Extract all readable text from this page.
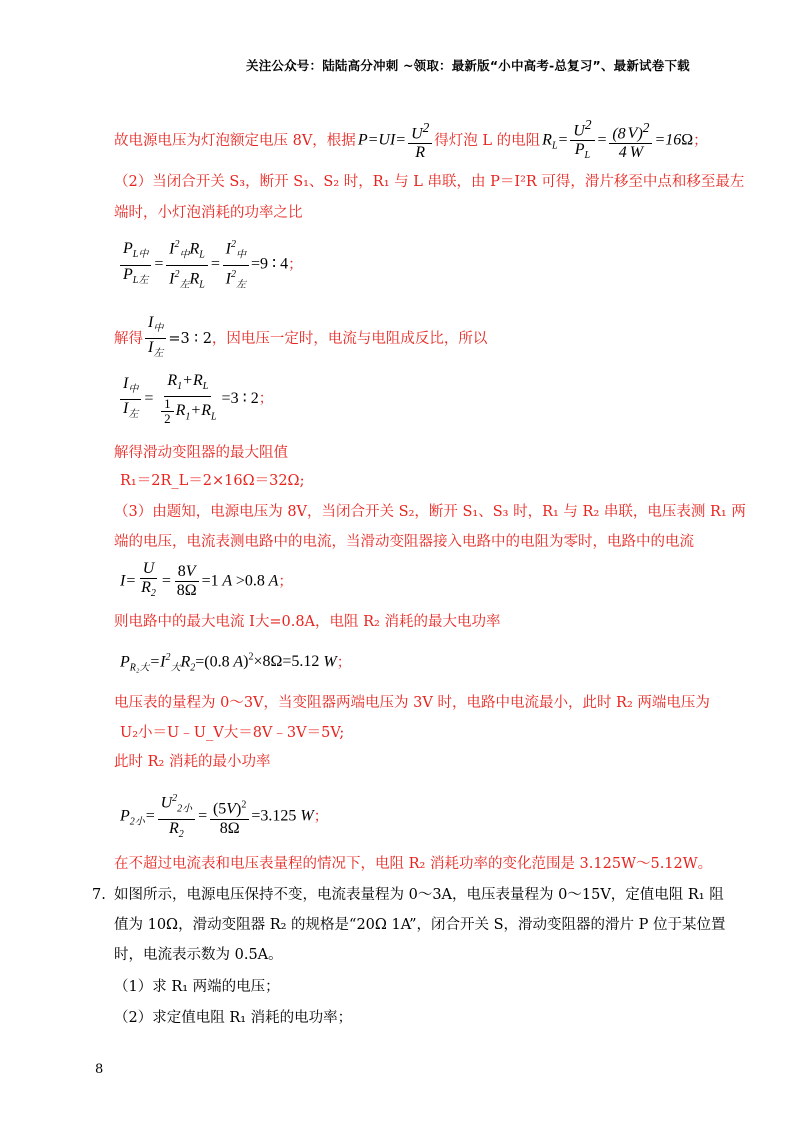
关注公众号：陆陆高分冲刺 ~领取：最新版“小中高考-总复习”、最新试卷下载
故电源电压为灯泡额定电压 8V，根据 $P=UI= \frac{U^2}{R}$ 得灯泡 L 的电阻 $R_L= \frac{U^2}{P_L} = \frac{(8 V)^2}{4 W} =16\Omega$ ；
（2）当闭合开关 S₃，断开 S₁、S₂ 时，R₁ 与 L 串联，由 P＝I²R 可得，滑片移至中点和移至最左
端时，小灯泡消耗的功率之比
$\frac{P_{L中}}{P_{L左}} = \frac{I^2_中R_L}{I^2_左R_L} = \frac{I^2_中}{I^2_左} =9$ ∶ 4 ；
解得 $\frac{I_中}{I_左} =3$ ∶ 2 ，因电压一定时，电流与电阻成反比，所以
$\frac{I_中}{I_左} = \frac{R_1+R_L}{\frac{1}{2} R_1+R_L} =3$ ∶ 2 ；
解得滑动变阻器的最大阻值
R₁＝2R_L＝2×16Ω＝32Ω;
（3）由题知，电源电压为 8V，当闭合开关 S₂，断开 S₁、S₃ 时，R₁ 与 R₂ 串联，电压表测 R₁ 两
端的电压，电流表测电路中的电流，当滑动变阻器接入电路中的电阻为零时，电路中的电流
$I= \frac{U}{R_2} = \frac{8V}{8\Omega} =1$ A >0.8 A ；
则电路中的最大电流 I大=0.8A，电阻 R₂ 消耗的最大电功率
$P_{R_2大}=I^2_大R_2=(0.8$ A)$^2$×8Ω=5.12 W ；
电压表的量程为 0～3V，当变阻器两端电压为 3V 时，电路中电流最小，此时 R₂ 两端电压为
U₂小＝U﹣U_V大＝8V﹣3V＝5V;
此时 R₂ 消耗的最小功率
$P_{2小}= \frac{U^2_{2小}}{R_2} = \frac{(5V)^2}{8\Omega} =3.125$ W ；
在不超过电流表和电压表量程的情况下，电阻 R₂ 消耗功率的变化范围是 3.125W～5.12W。
7. 如图所示，电源电压保持不变，电流表量程为 0～3A，电压表量程为 0～15V，定值电阻 R₁ 阻
值为 10Ω，滑动变阻器 R₂ 的规格是“20Ω 1A”，闭合开关 S，滑动变阻器的滑片 P 位于某位置
时，电流表示数为 0.5A。
（1）求 R₁ 两端的电压；
（2）求定值电阻 R₁ 消耗的电功率；
8
